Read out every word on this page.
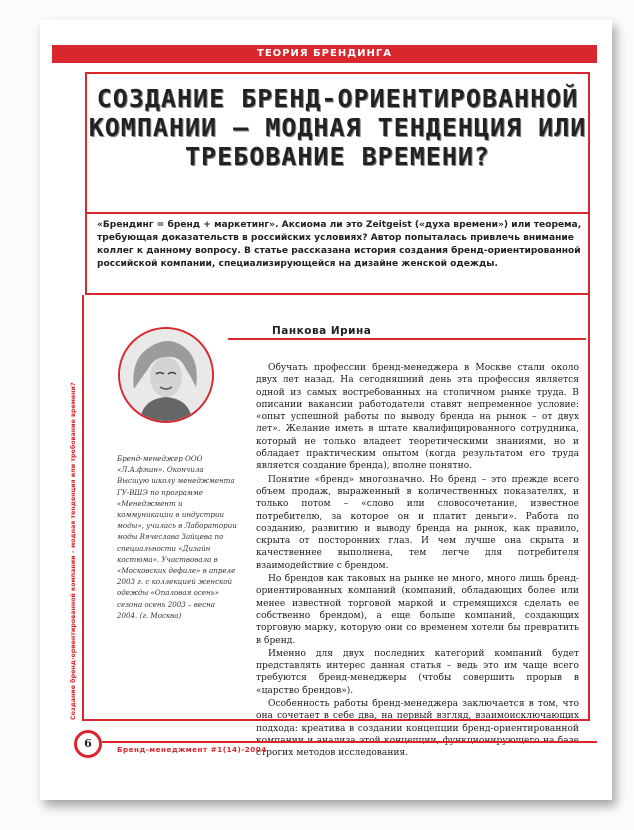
ТЕОРИЯ БРЕНДИНГА
СОЗДАНИЕ БРЕНД-ОРИЕНТИРОВАННОЙ КОМПАНИИ — МОДНАЯ ТЕНДЕНЦИЯ ИЛИ ТРЕБОВАНИЕ ВРЕМЕНИ?

«Брендинг = бренд + маркетинг». Аксиома ли это Zeitgeist («духа времени») или теорема, требующая доказательств в российских условиях? Автор попыталась привлечь внимание коллег к данному вопросу. В статье рассказана история создания бренд-ориентированной российской компании, специализирующейся на дизайне женской одежды.

Панкова Ирина

Бренд-менеджер ООО «Л.А.фэшн». Окончила Высшую школу менеджмента ГУ-ВШЭ по программе «Менеджмент и коммуникации в индустрии моды», училась в Лаборатории моды Вячеслава Зайцева по специальности «Дизайн костюма». Участвовала в «Московских дефиле» в апреле 2003 г. с коллекцией женской одежды «Опаловая осень» сезона осень 2003 – весна 2004. (г. Москва)

Обучать профессии бренд-менеджера в Москве стали около двух лет назад. На сегодняшний день эта профессия является одной из самых востребованных на столичном рынке труда. В описании вакансии работодатели ставят непременное условие: «опыт успешной работы по выводу бренда на рынок – от двух лет». Желание иметь в штате квалифицированного сотрудника, который не только владеет теоретическими знаниями, но и обладает практическим опытом (когда результатом его труда является создание бренда), вполне понятно.

Понятие «бренд» многозначно. Но бренд – это прежде всего объем продаж, выраженный в количественных показателях, и только потом – «слово или словосочетание, известное потребителю, за которое он и платит деньги». Работа по созданию, развитию и выводу бренда на рынок, как правило, скрыта от посторонних глаз. И чем лучше она скрыта и качественнее выполнена, тем легче для потребителя взаимодействие с брендом.

Но брендов как таковых на рынке не много, много лишь бренд-ориентированных компаний (компаний, обладающих более или менее известной торговой маркой и стремящихся сделать ее собственно брендом), а еще больше компаний, создающих торговую марку, которую они со временем хотели бы превратить в бренд.

Именно для двух последних категорий компаний будет представлять интерес данная статья – ведь это им чаще всего требуются бренд-менеджеры (чтобы совершить прорыв в «царство брендов»).

Особенность работы бренд-менеджера заключается в том, что она сочетает в себе два, на первый взгляд, взаимоисключающих подхода: креатива в создании концепции бренд-ориентированной строгих методов исследования.

Создание бренд-ориентированной компании – модная тенденция или требование времени?
6	Бренд-менеджмент #1(14)-2004
